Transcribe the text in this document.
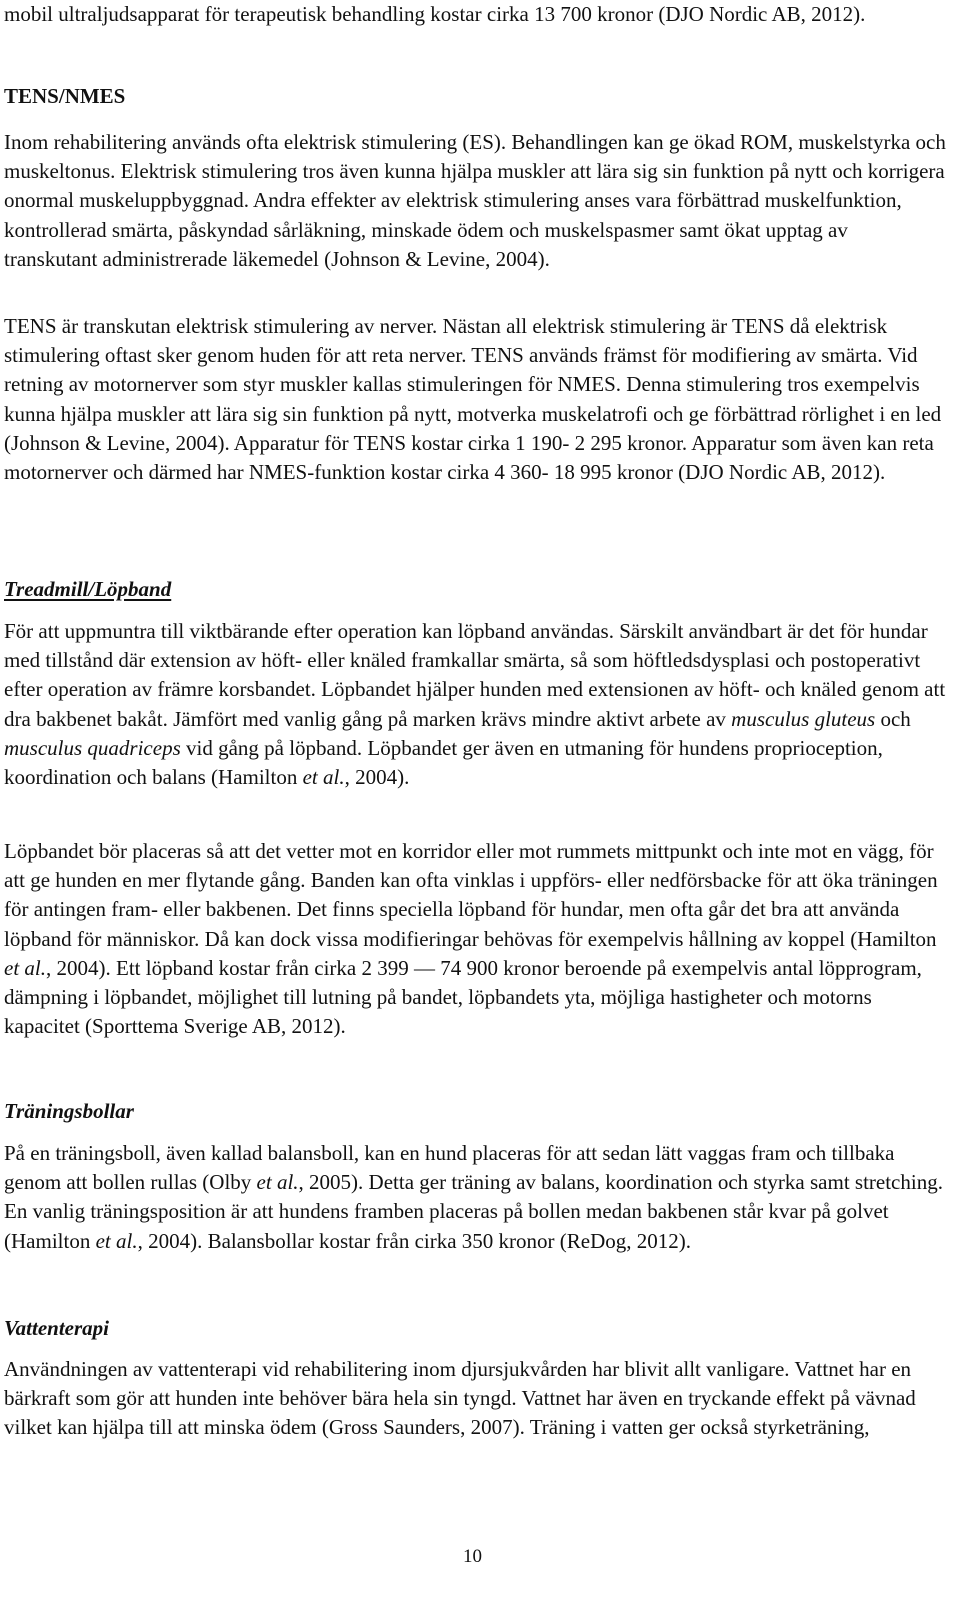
mobil ultraljudsapparat för terapeutisk behandling kostar cirka 13 700 kronor (DJO Nordic AB, 2012).

TENS/NMES

Inom rehabilitering används ofta elektrisk stimulering (ES). Behandlingen kan ge ökad ROM, muskelstyrka och muskeltonus. Elektrisk stimulering tros även kunna hjälpa muskler att lära sig sin funktion på nytt och korrigera onormal muskeluppbyggnad. Andra effekter av elektrisk stimulering anses vara förbättrad muskelfunktion, kontrollerad smärta, påskyndad sårläkning, minskade ödem och muskelspasmer samt ökat upptag av transkutant administrerade läkemedel (Johnson & Levine, 2004).

TENS är transkutan elektrisk stimulering av nerver. Nästan all elektrisk stimulering är TENS då elektrisk stimulering oftast sker genom huden för att reta nerver. TENS används främst för modifiering av smärta. Vid retning av motornerver som styr muskler kallas stimuleringen för NMES. Denna stimulering tros exempelvis kunna hjälpa muskler att lära sig sin funktion på nytt, motverka muskelatrofi och ge förbättrad rörlighet i en led (Johnson & Levine, 2004). Apparatur för TENS kostar cirka 1 190- 2 295 kronor. Apparatur som även kan reta motornerver och därmed har NMES-funktion kostar cirka 4 360- 18 995 kronor (DJO Nordic AB, 2012).

Treadmill/Löpband

För att uppmuntra till viktbärande efter operation kan löpband användas. Särskilt användbart är det för hundar med tillstånd där extension av höft- eller knäled framkallar smärta, så som höftledsdysplasi och postoperativt efter operation av främre korsbandet. Löpbandet hjälper hunden med extensionen av höft- och knäled genom att dra bakbenet bakåt. Jämfört med vanlig gång på marken krävs mindre aktivt arbete av musculus gluteus och musculus quadriceps vid gång på löpband. Löpbandet ger även en utmaning för hundens proprioception, koordination och balans (Hamilton et al., 2004).

Löpbandet bör placeras så att det vetter mot en korridor eller mot rummets mittpunkt och inte mot en vägg, för att ge hunden en mer flytande gång. Banden kan ofta vinklas i uppförs- eller nedförsbacke för att öka träningen för antingen fram- eller bakbenen. Det finns speciella löpband för hundar, men ofta går det bra att använda löpband för människor. Då kan dock vissa modifieringar behövas för exempelvis hållning av koppel (Hamilton et al., 2004). Ett löpband kostar från cirka 2 399 — 74 900 kronor beroende på exempelvis antal löpprogram, dämpning i löpbandet, möjlighet till lutning på bandet, löpbandets yta, möjliga hastigheter och motorns kapacitet (Sporttema Sverige AB, 2012).

Träningsbollar

På en träningsboll, även kallad balansboll, kan en hund placeras för att sedan lätt vaggas fram och tillbaka genom att bollen rullas (Olby et al., 2005). Detta ger träning av balans, koordination och styrka samt stretching. En vanlig träningsposition är att hundens framben placeras på bollen medan bakbenen står kvar på golvet (Hamilton et al., 2004). Balansbollar kostar från cirka 350 kronor (ReDog, 2012).

Vattenterapi

Användningen av vattenterapi vid rehabilitering inom djursjukvården har blivit allt vanligare. Vattnet har en bärkraft som gör att hunden inte behöver bära hela sin tyngd. Vattnet har även en tryckande effekt på vävnad vilket kan hjälpa till att minska ödem (Gross Saunders, 2007). Träning i vatten ger också styrketräning,

10
